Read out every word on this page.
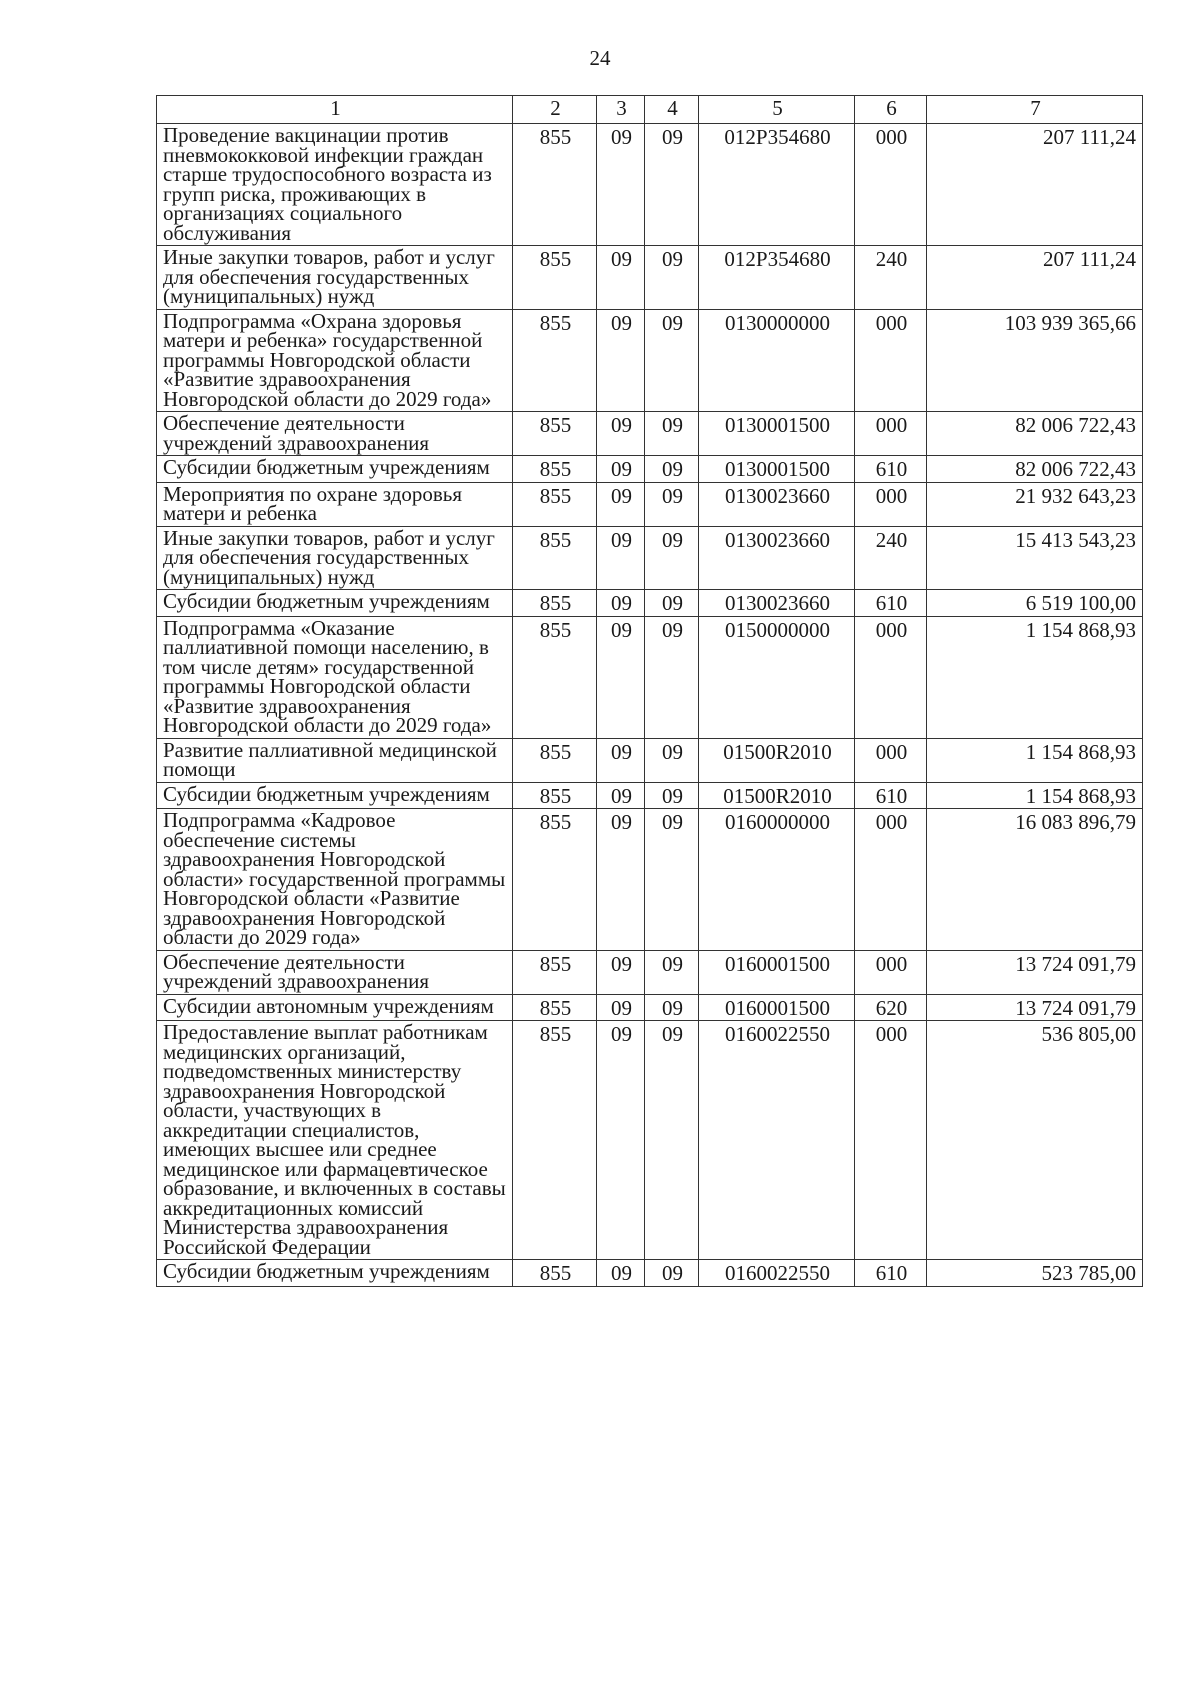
24
1	2	3	4	5	6	7
Проведение вакцинации против пневмококковой инфекции граждан старше трудоспособного возраста из групп риска, проживающих в организациях социального обслуживания	855	09	09	012P354680	000	207 111,24
Иные закупки товаров, работ и услуг для обеспечения государственных (муниципальных) нужд	855	09	09	012P354680	240	207 111,24
Подпрограмма «Охрана здоровья матери и ребенка» государственной программы Новгородской области «Развитие здравоохранения Новгородской области до 2029 года»	855	09	09	0130000000	000	103 939 365,66
Обеспечение деятельности учреждений здравоохранения	855	09	09	0130001500	000	82 006 722,43
Субсидии бюджетным учреждениям	855	09	09	0130001500	610	82 006 722,43
Мероприятия по охране здоровья матери и ребенка	855	09	09	0130023660	000	21 932 643,23
Иные закупки товаров, работ и услуг для обеспечения государственных (муниципальных) нужд	855	09	09	0130023660	240	15 413 543,23
Субсидии бюджетным учреждениям	855	09	09	0130023660	610	6 519 100,00
Подпрограмма «Оказание паллиативной помощи населению, в том числе детям» государственной программы Новгородской области «Развитие здравоохранения Новгородской области до 2029 года»	855	09	09	0150000000	000	1 154 868,93
Развитие паллиативной медицинской помощи	855	09	09	01500R2010	000	1 154 868,93
Субсидии бюджетным учреждениям	855	09	09	01500R2010	610	1 154 868,93
Подпрограмма «Кадровое обеспечение системы здравоохранения Новгородской области» государственной программы Новгородской области «Развитие здравоохранения Новгородской области до 2029 года»	855	09	09	0160000000	000	16 083 896,79
Обеспечение деятельности учреждений здравоохранения	855	09	09	0160001500	000	13 724 091,79
Субсидии автономным учреждениям	855	09	09	0160001500	620	13 724 091,79
Предоставление выплат работникам медицинских организаций, подведомственных министерству здравоохранения Новгородской области, участвующих в аккредитации специалистов, имеющих высшее или среднее медицинское или фармацевтическое образование, и включенных в составы аккредитационных комиссий Министерства здравоохранения Российской Федерации	855	09	09	0160022550	000	536 805,00
Субсидии бюджетным учреждениям	855	09	09	0160022550	610	523 785,00
